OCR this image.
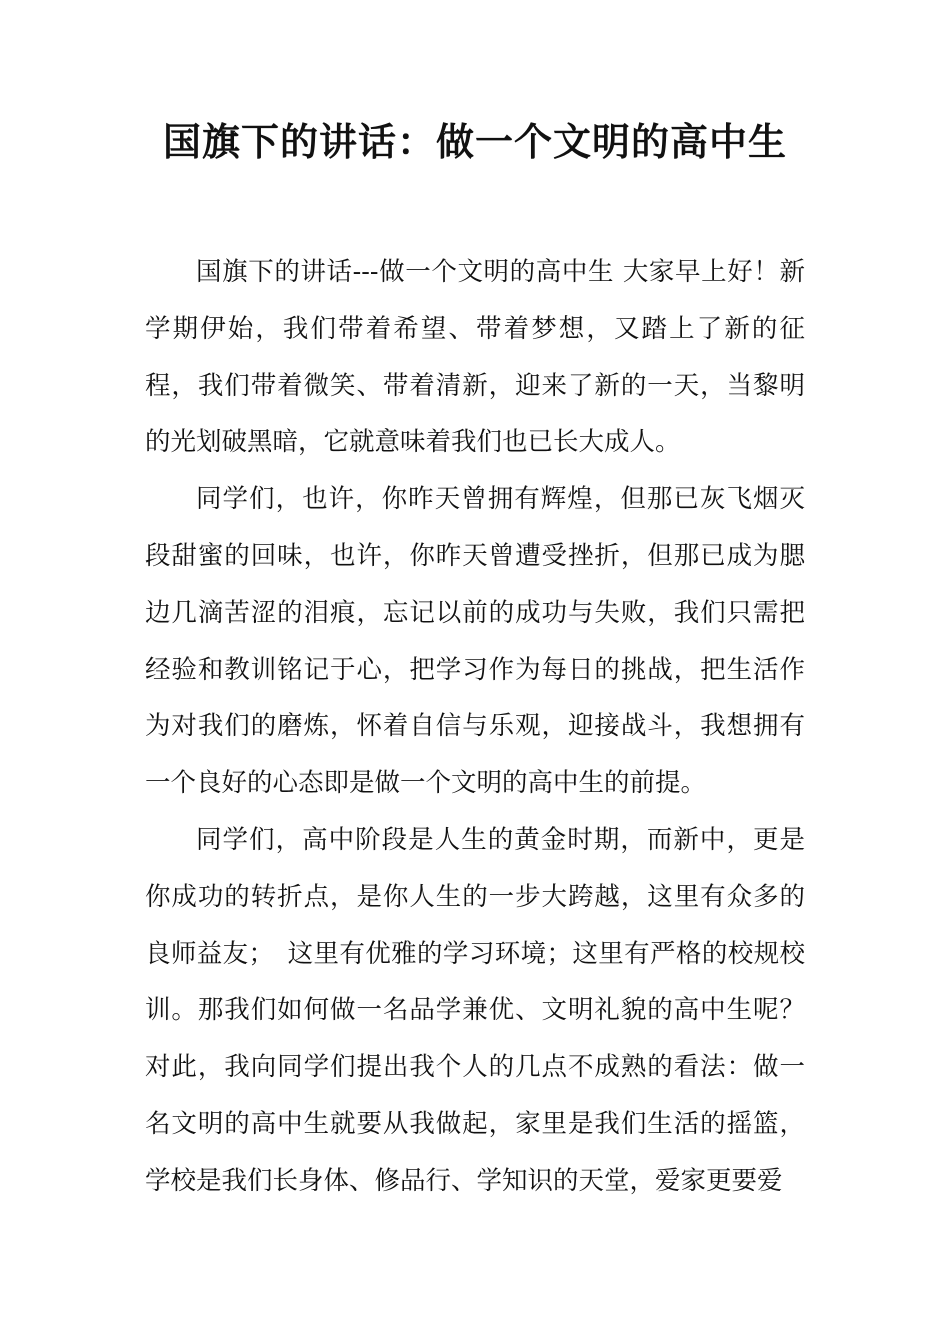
国旗下的讲话：做一个文明的高中生

国旗下的讲话---做一个文明的高中生 大家早上好！新学期伊始，我们带着希望、带着梦想，又踏上了新的征程，我们带着微笑、带着清新，迎来了新的一天，当黎明的光划破黑暗，它就意味着我们也已长大成人。

同学们，也许，你昨天曾拥有辉煌，但那已灰飞烟灭段甜蜜的回味，也许，你昨天曾遭受挫折，但那已成为腮边几滴苦涩的泪痕，忘记以前的成功与失败，我们只需把经验和教训铭记于心，把学习作为每日的挑战，把生活作为对我们的磨炼，怀着自信与乐观，迎接战斗，我想拥有一个良好的心态即是做一个文明的高中生的前提。

同学们，高中阶段是人生的黄金时期，而新中，更是你成功的转折点，是你人生的一步大跨越，这里有众多的良师益友；　这里有优雅的学习环境；这里有严格的校规校训。那我们如何做一名品学兼优、文明礼貌的高中生呢？对此，我向同学们提出我个人的几点不成熟的看法：做一名文明的高中生就要从我做起，家里是我们生活的摇篮，学校是我们长身体、修品行、学知识的天堂，爱家更要爱
